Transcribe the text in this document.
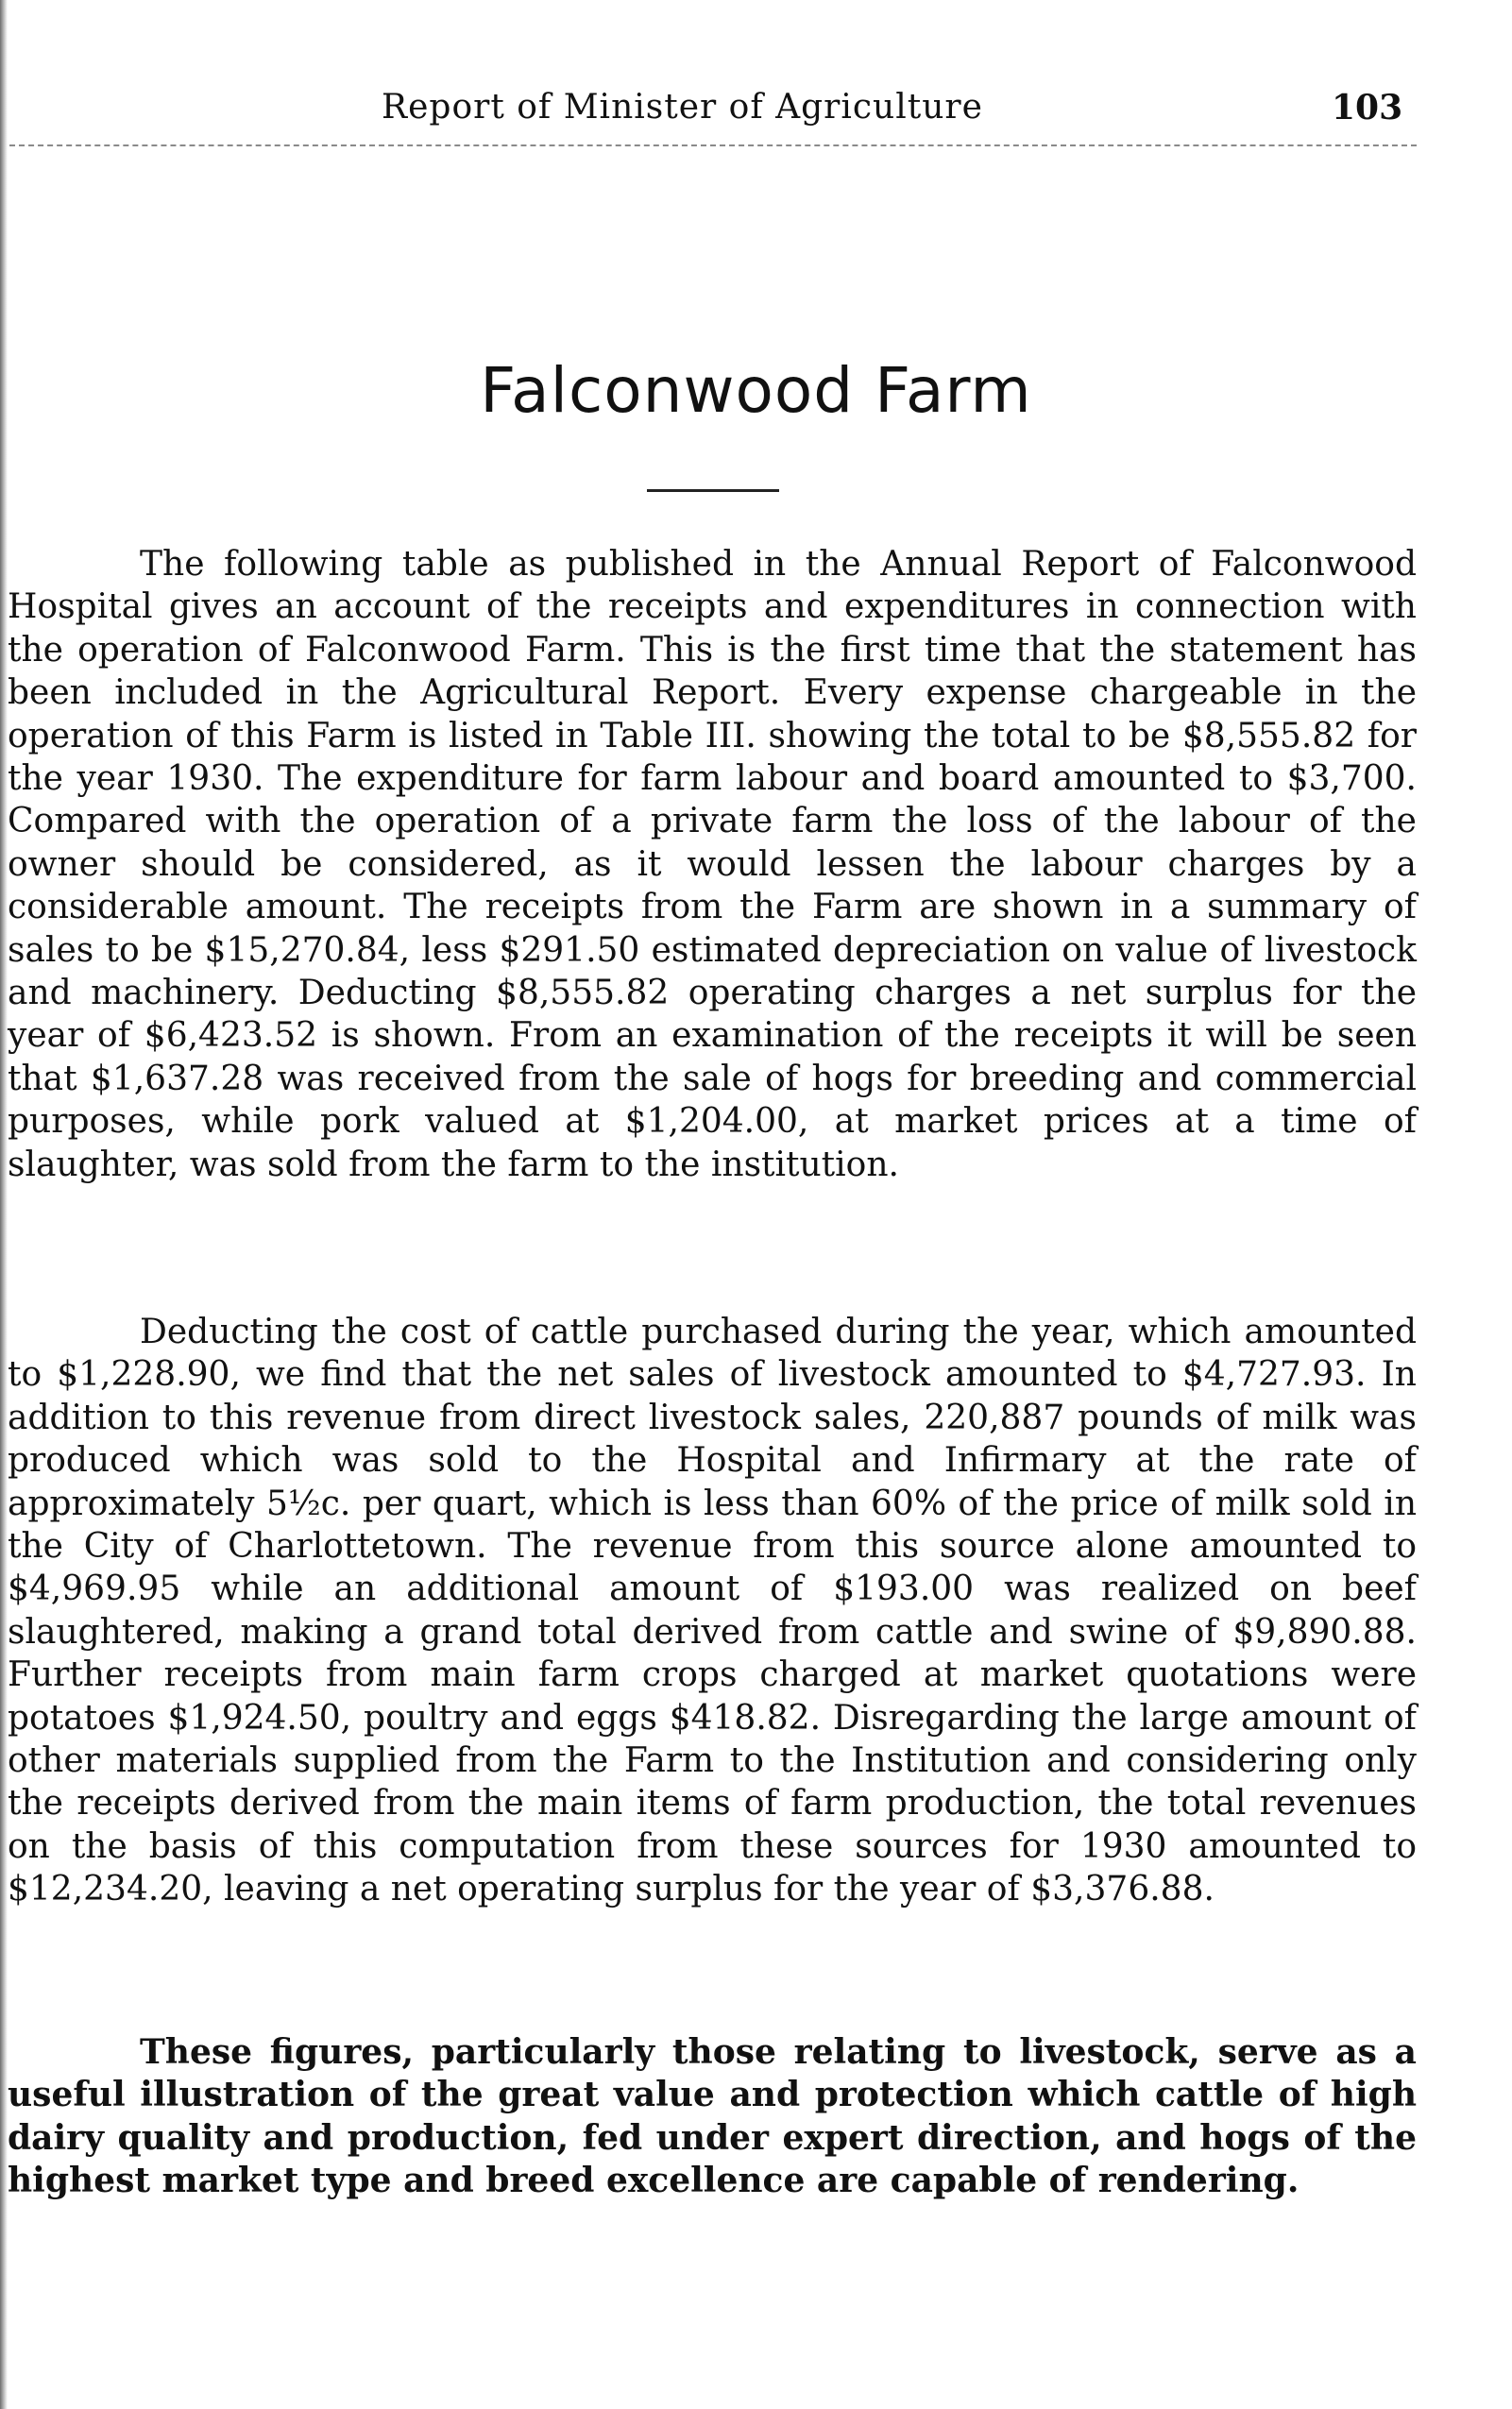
Report of Minister of Agriculture	103
Falconwood Farm

The following table as published in the Annual Report of Falconwood Hospital gives an account of the receipts and expenditures in connection with the operation of Falconwood Farm. This is the first time that the statement has been included in the Agricultural Report. Every expense chargeable in the operation of this Farm is listed in Table III. showing the total to be $8,555.82 for the year 1930. The expenditure for farm labour and board amounted to $3,700. Compared with the operation of a private farm the loss of the labour of the owner should be considered, as it would lessen the labour charges by a considerable amount. The receipts from the Farm are shown in a summary of sales to be $15,270.84, less $291.50 estimated depreciation on value of livestock and machinery. Deducting $8,555.82 operating charges a net surplus for the year of $6,423.52 is shown. From an examination of the receipts it will be seen that $1,637.28 was received from the sale of hogs for breeding and commercial purposes, while pork valued at $1,204.00, at market prices at a time of slaughter, was sold from the farm to the institution.

Deducting the cost of cattle purchased during the year, which amounted to $1,228.90, we find that the net sales of livestock amounted to $4,727.93. In addition to this revenue from direct livestock sales, 220,887 pounds of milk was produced which was sold to the Hospital and Infirmary at the rate of approximately 5½c. per quart, which is less than 60% of the price of milk sold in the City of Charlottetown. The revenue from this source alone amounted to $4,969.95 while an additional amount of $193.00 was realized on beef slaughtered, making a grand total derived from cattle and swine of $9,890.88. Further receipts from main farm crops charged at market quotations were potatoes $1,924.50, poultry and eggs $418.82. Disregarding the large amount of other materials supplied from the Farm to the Institution and considering only the receipts derived from the main items of farm production, the total revenues on the basis of this computation from these sources for 1930 amounted to $12,234.20, leaving a net operating surplus for the year of $3,376.88.

These figures, particularly those relating to livestock, serve as a useful illustration of the great value and protection which cattle of high dairy quality and production, fed under expert direction, and hogs of the highest market type and breed excellence are capable of rendering.
